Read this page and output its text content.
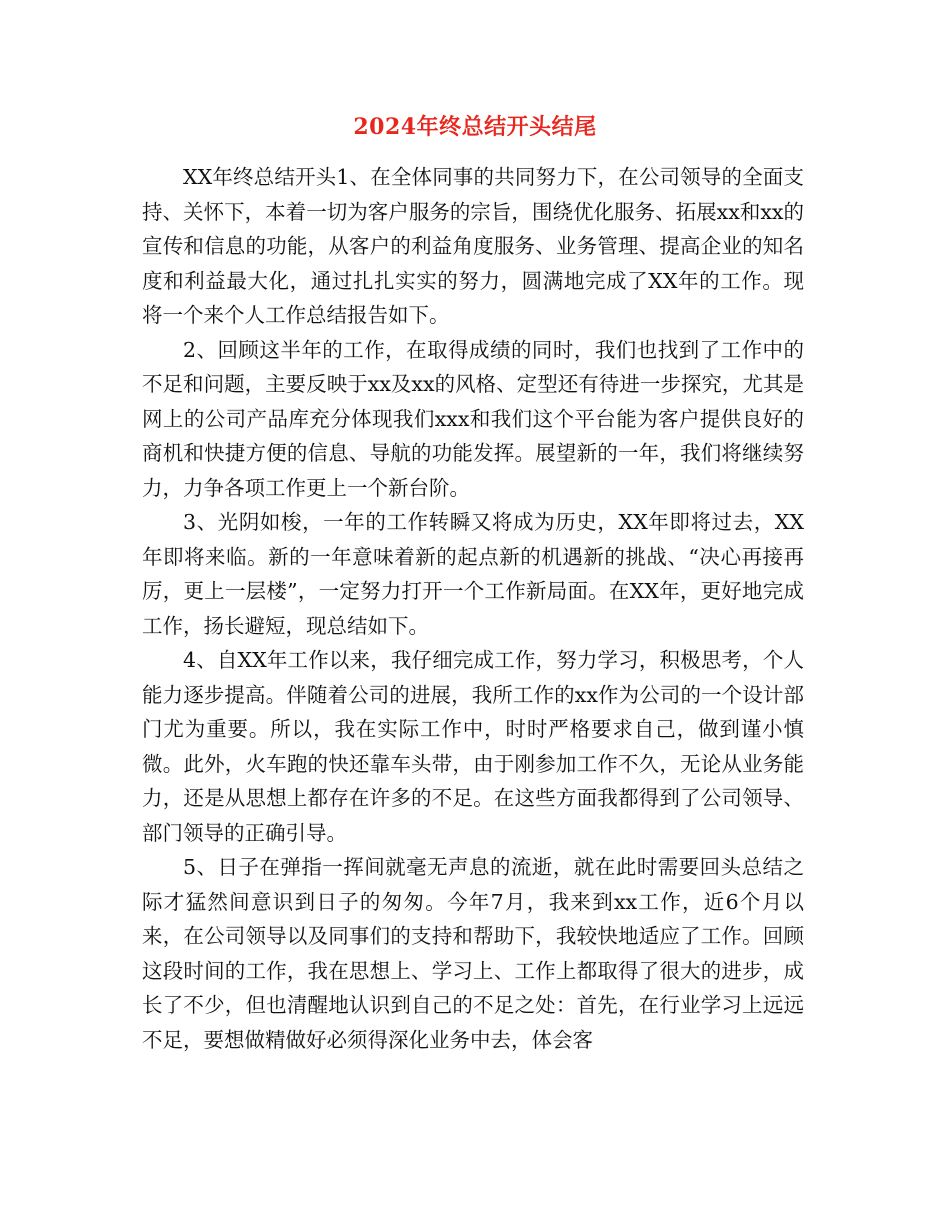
2024年终总结开头结尾

XX年终总结开头1、在全体同事的共同努力下，在公司领导的全面支持、关怀下，本着一切为客户服务的宗旨，围绕优化服务、拓展xx和xx的宣传和信息的功能，从客户的利益角度服务、业务管理、提高企业的知名度和利益最大化，通过扎扎实实的努力，圆满地完成了XX年的工作。现将一个来个人工作总结报告如下。

2、回顾这半年的工作，在取得成绩的同时，我们也找到了工作中的不足和问题，主要反映于xx及xx的风格、定型还有待进一步探究，尤其是网上的公司产品库充分体现我们xxx和我们这个平台能为客户提供良好的商机和快捷方便的信息、导航的功能发挥。展望新的一年，我们将继续努力，力争各项工作更上一个新台阶。

3、光阴如梭，一年的工作转瞬又将成为历史，XX年即将过去，XX年即将来临。新的一年意味着新的起点新的机遇新的挑战、“决心再接再厉，更上一层楼”，一定努力打开一个工作新局面。在XX年，更好地完成工作，扬长避短，现总结如下。

4、自XX年工作以来，我仔细完成工作，努力学习，积极思考，个人能力逐步提高。伴随着公司的进展，我所工作的xx作为公司的一个设计部门尤为重要。所以，我在实际工作中，时时严格要求自己，做到谨小慎微。此外，火车跑的快还靠车头带，由于刚参加工作不久，无论从业务能力，还是从思想上都存在许多的不足。在这些方面我都得到了公司领导、部门领导的正确引导。

5、日子在弹指一挥间就毫无声息的流逝，就在此时需要回头总结之际才猛然间意识到日子的匆匆。今年7月，我来到xx工作，近6个月以来，在公司领导以及同事们的支持和帮助下，我较快地适应了工作。回顾这段时间的工作，我在思想上、学习上、工作上都取得了很大的进步，成长了不少，但也清醒地认识到自己的不足之处：首先，在行业学习上远远不足，要想做精做好必须得深化业务中去，体会客
